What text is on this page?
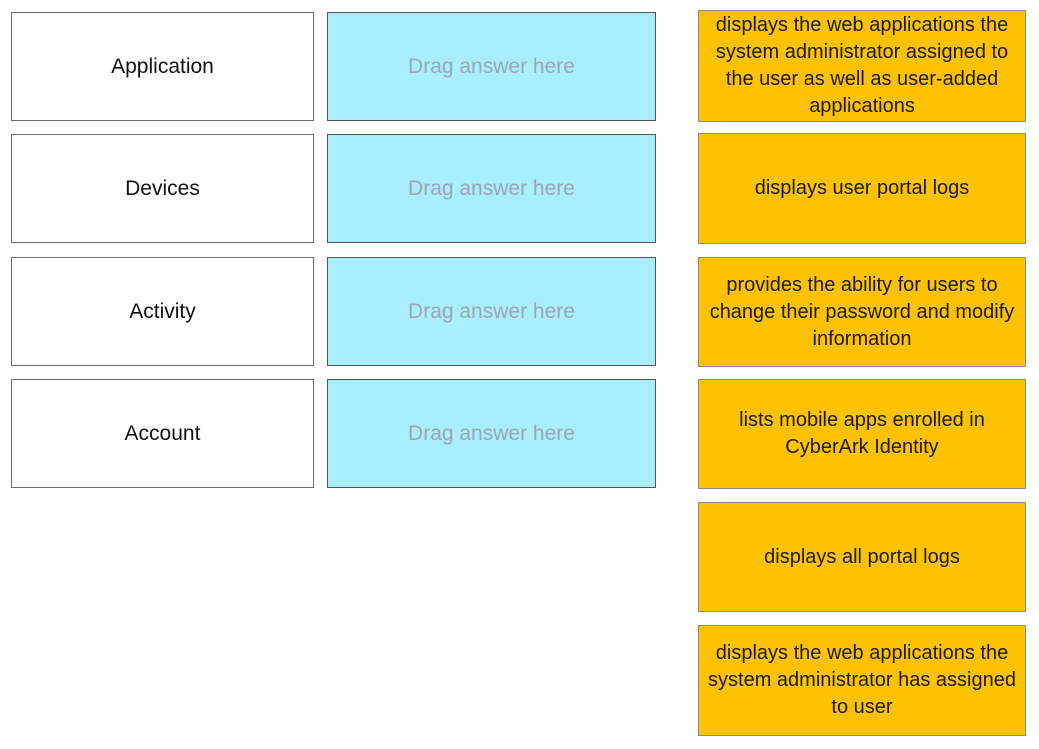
Application
Devices
Activity
Account
Drag answer here
Drag answer here
Drag answer here
Drag answer here
displays the web applications the system administrator assigned to the user as well as user-added applications
displays user portal logs
provides the ability for users to change their password and modify information
lists mobile apps enrolled in CyberArk Identity
displays all portal logs
displays the web applications the system administrator has assigned to user
